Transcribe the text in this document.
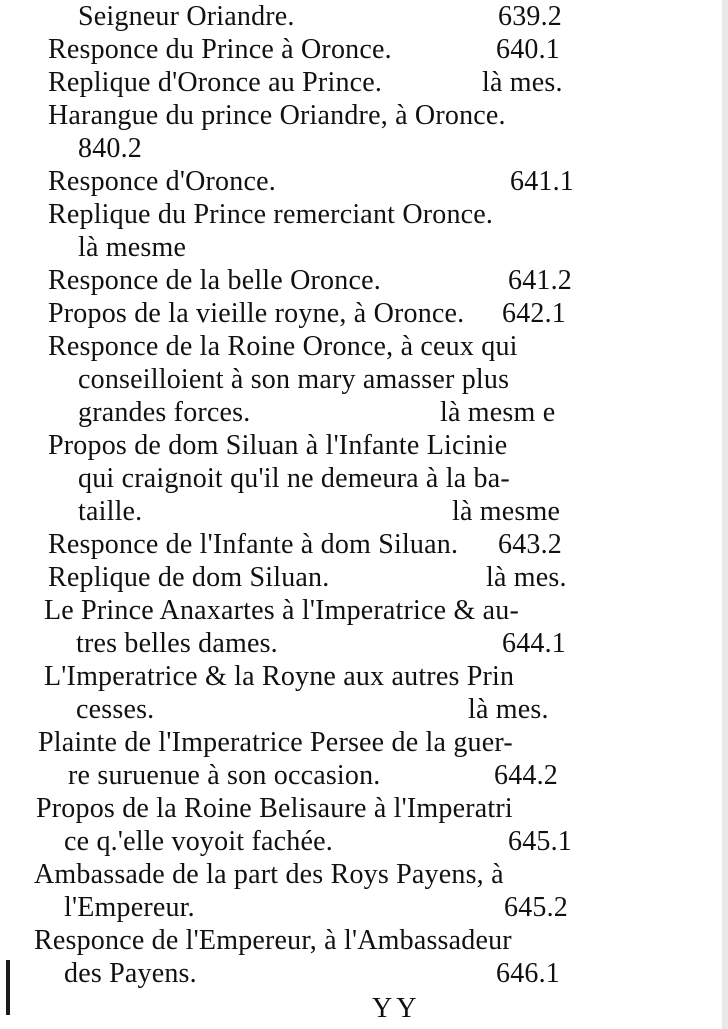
Seigneur Oriandre.	639.2
Responce du Prince à Oronce.	640.1
Replique d'Oronce au Prince.	là mes.
Harangue du prince Oriandre, à Oronce.
840.2
Responce d'Oronce.	641.1
Replique du Prince remerciant Oronce.
là mesme
Responce de la belle Oronce.	641.2
Propos de la vieille royne, à Oronce. 642.1
Responce de la Roine Oronce, à ceux qui
conseilloient à son mary amasser plus
grandes forces.	là mesm e
Propos de dom Siluan à l'Infante Licinie
qui craignoit qu'il ne demeura à la ba-
taille.	là mesme
Responce de l'Infante à dom Siluan. 643.2
Replique de dom Siluan.	là mes.
Le Prince Anaxartes à l'Imperatrice & au-
tres belles dames.	644.1
L'Imperatrice & la Royne aux autres Prin
cesses.	là mes.
Plainte de l'Imperatrice Persee de la guer-
re suruenue à son occasion.	644.2
Propos de la Roine Belisaure à l'Imperatri
ce q.'elle voyoit fachée.	645.1
Ambassade de la part des Roys Payens, à
l'Empereur.	645.2
Responce de l'Empereur, à l'Ambassadeur
des Payens.	646.1
YY
